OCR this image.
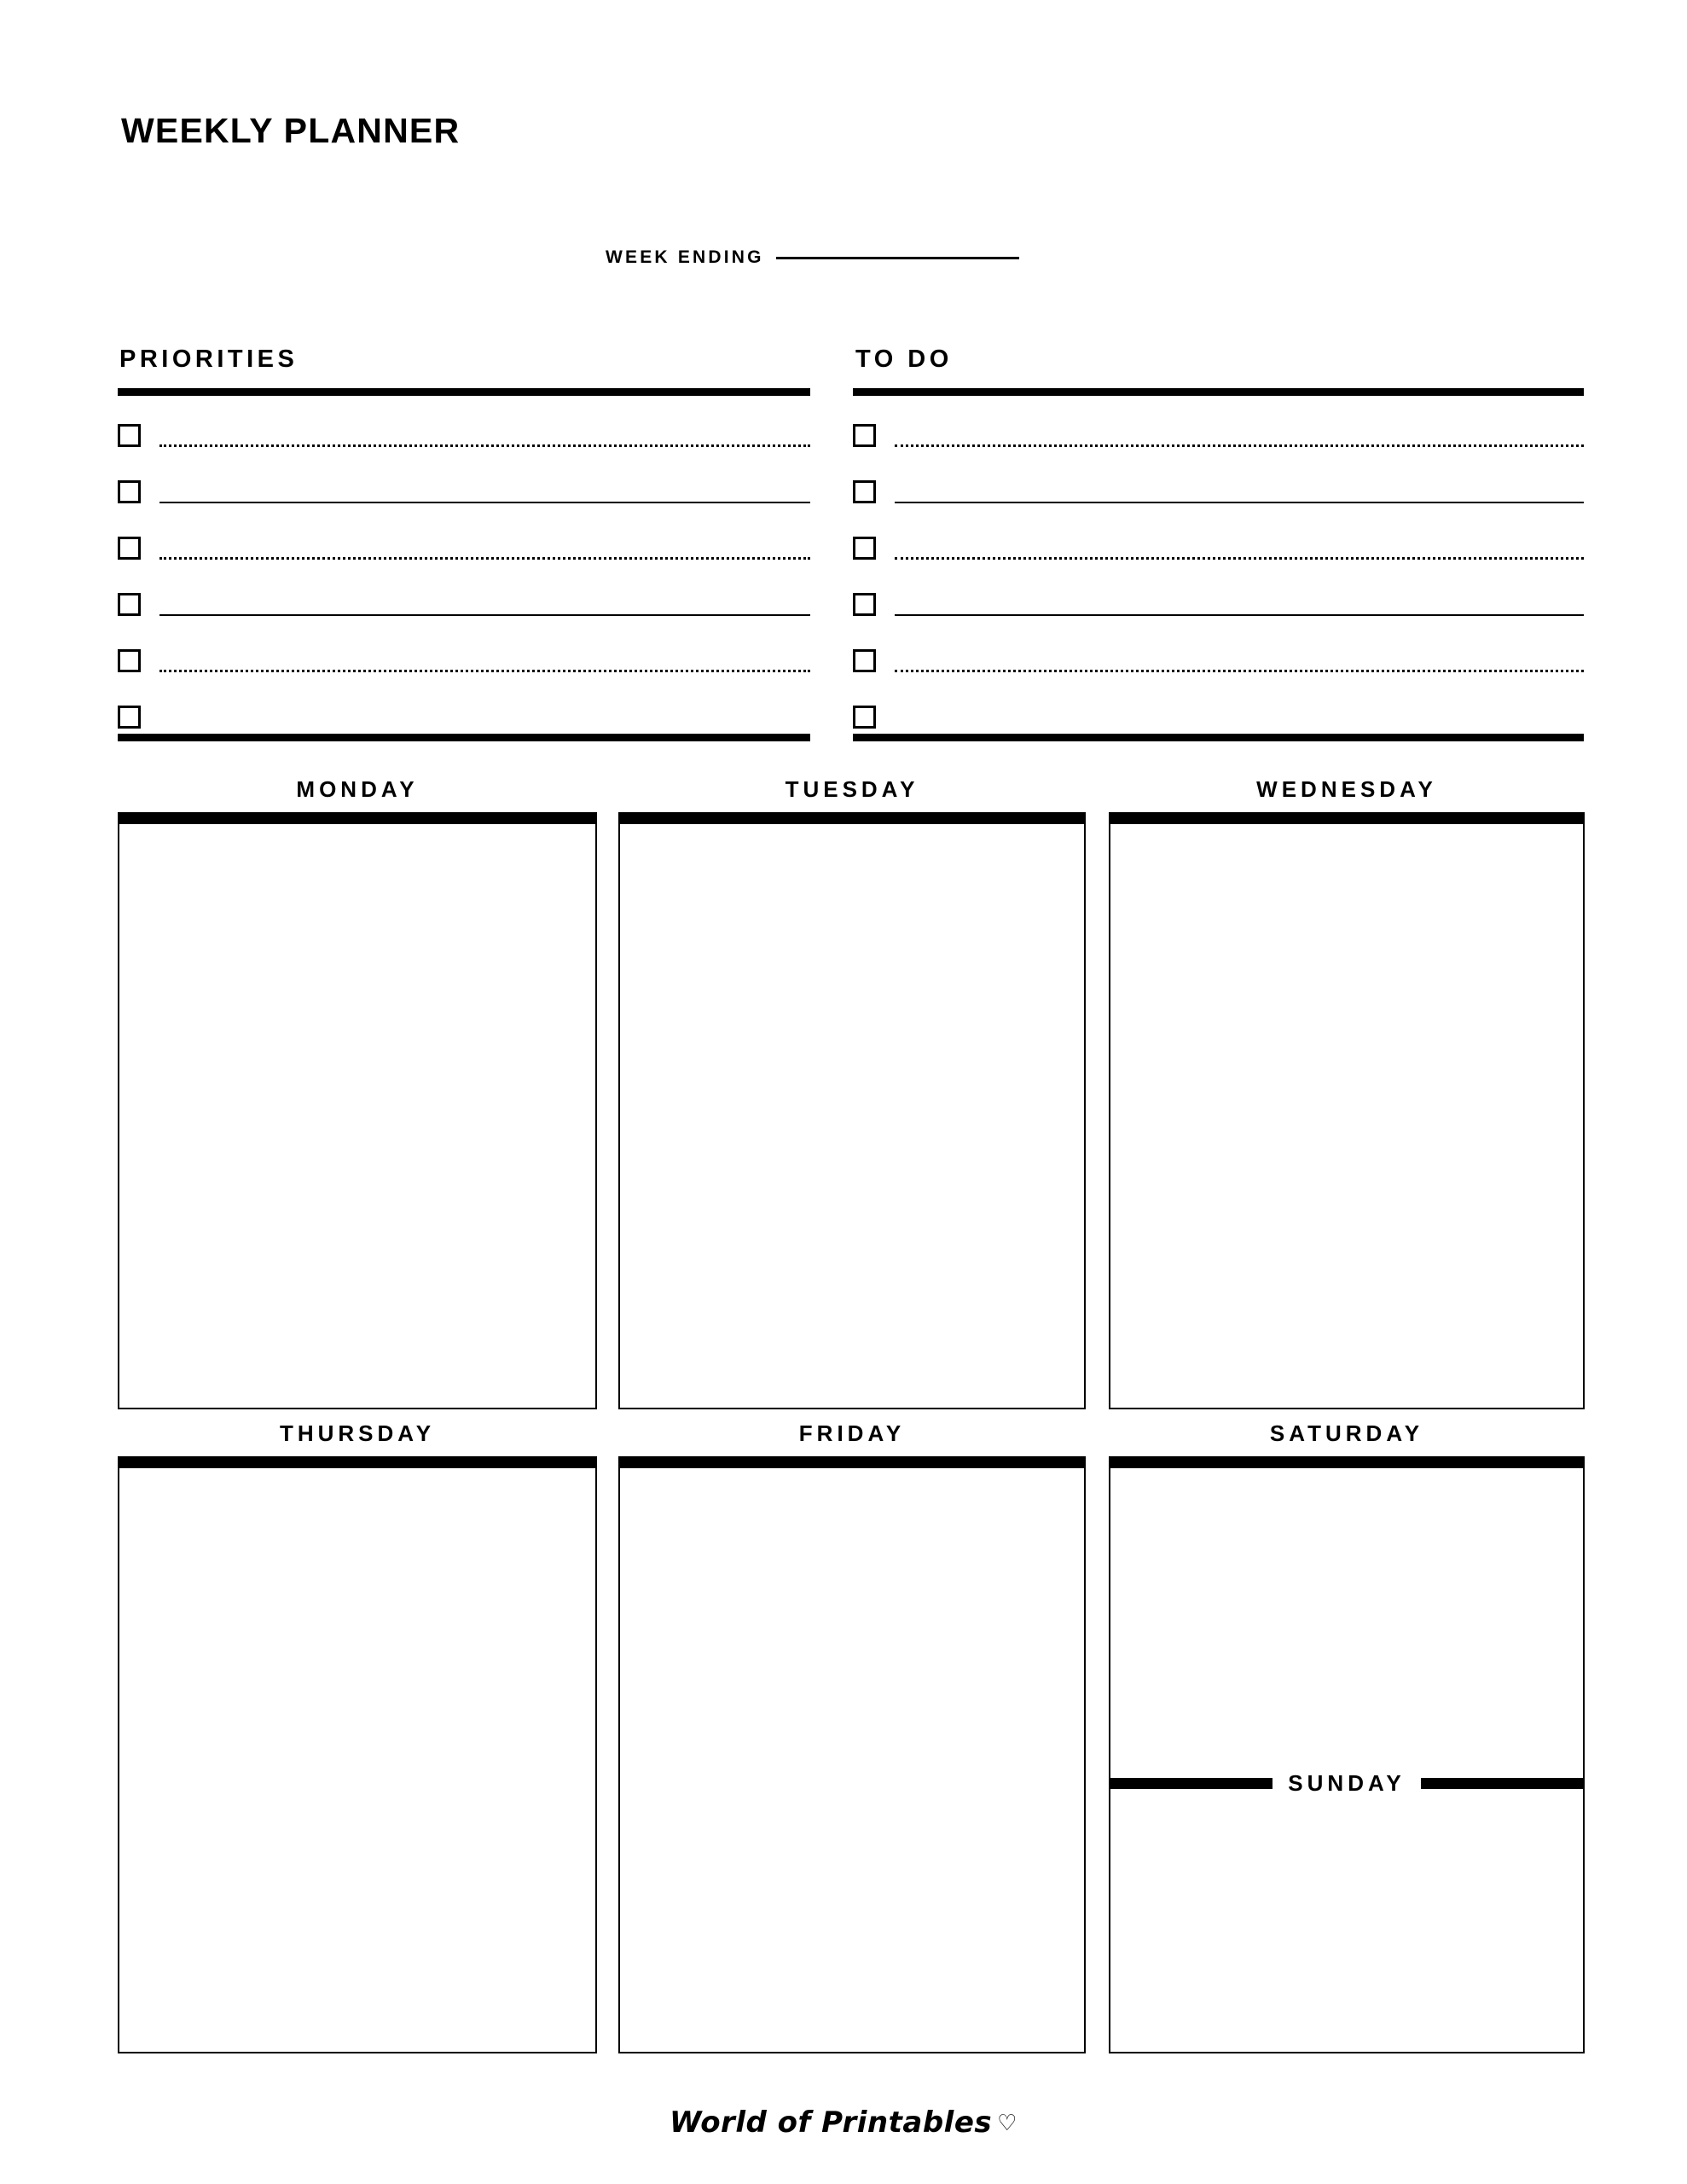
WEEKLY PLANNER
WEEK ENDING
PRIORITIES	TO DO
MONDAY	TUESDAY	WEDNESDAY
THURSDAY	FRIDAY	SATURDAY
SUNDAY
World of Printables ♡
